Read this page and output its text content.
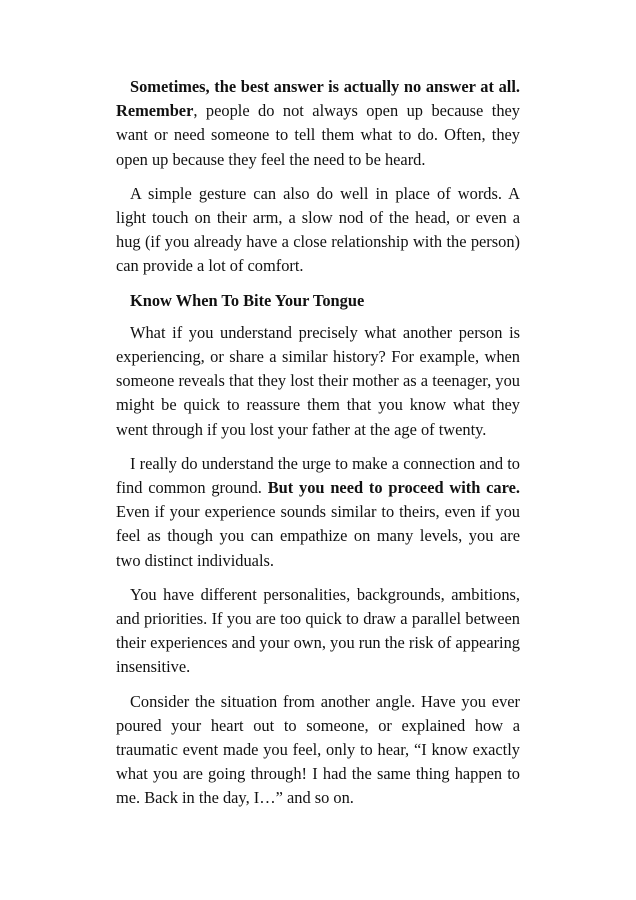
Sometimes, the best answer is actually no answer at all. Remember, people do not always open up because they want or need someone to tell them what to do. Often, they open up because they feel the need to be heard.

A simple gesture can also do well in place of words. A light touch on their arm, a slow nod of the head, or even a hug (if you already have a close relationship with the person) can provide a lot of comfort.

Know When To Bite Your Tongue

What if you understand precisely what another person is experiencing, or share a similar history? For example, when someone reveals that they lost their mother as a teenager, you might be quick to reassure them that you know what they went through if you lost your father at the age of twenty.

I really do understand the urge to make a connection and to find common ground. But you need to proceed with care. Even if your experience sounds similar to theirs, even if you feel as though you can empathize on many levels, you are two distinct individuals.

You have different personalities, backgrounds, ambitions, and priorities. If you are too quick to draw a parallel between their experiences and your own, you run the risk of appearing insensitive.

Consider the situation from another angle. Have you ever poured your heart out to someone, or explained how a traumatic event made you feel, only to hear, “I know exactly what you are going through! I had the same thing happen to me. Back in the day, I…” and so on.
